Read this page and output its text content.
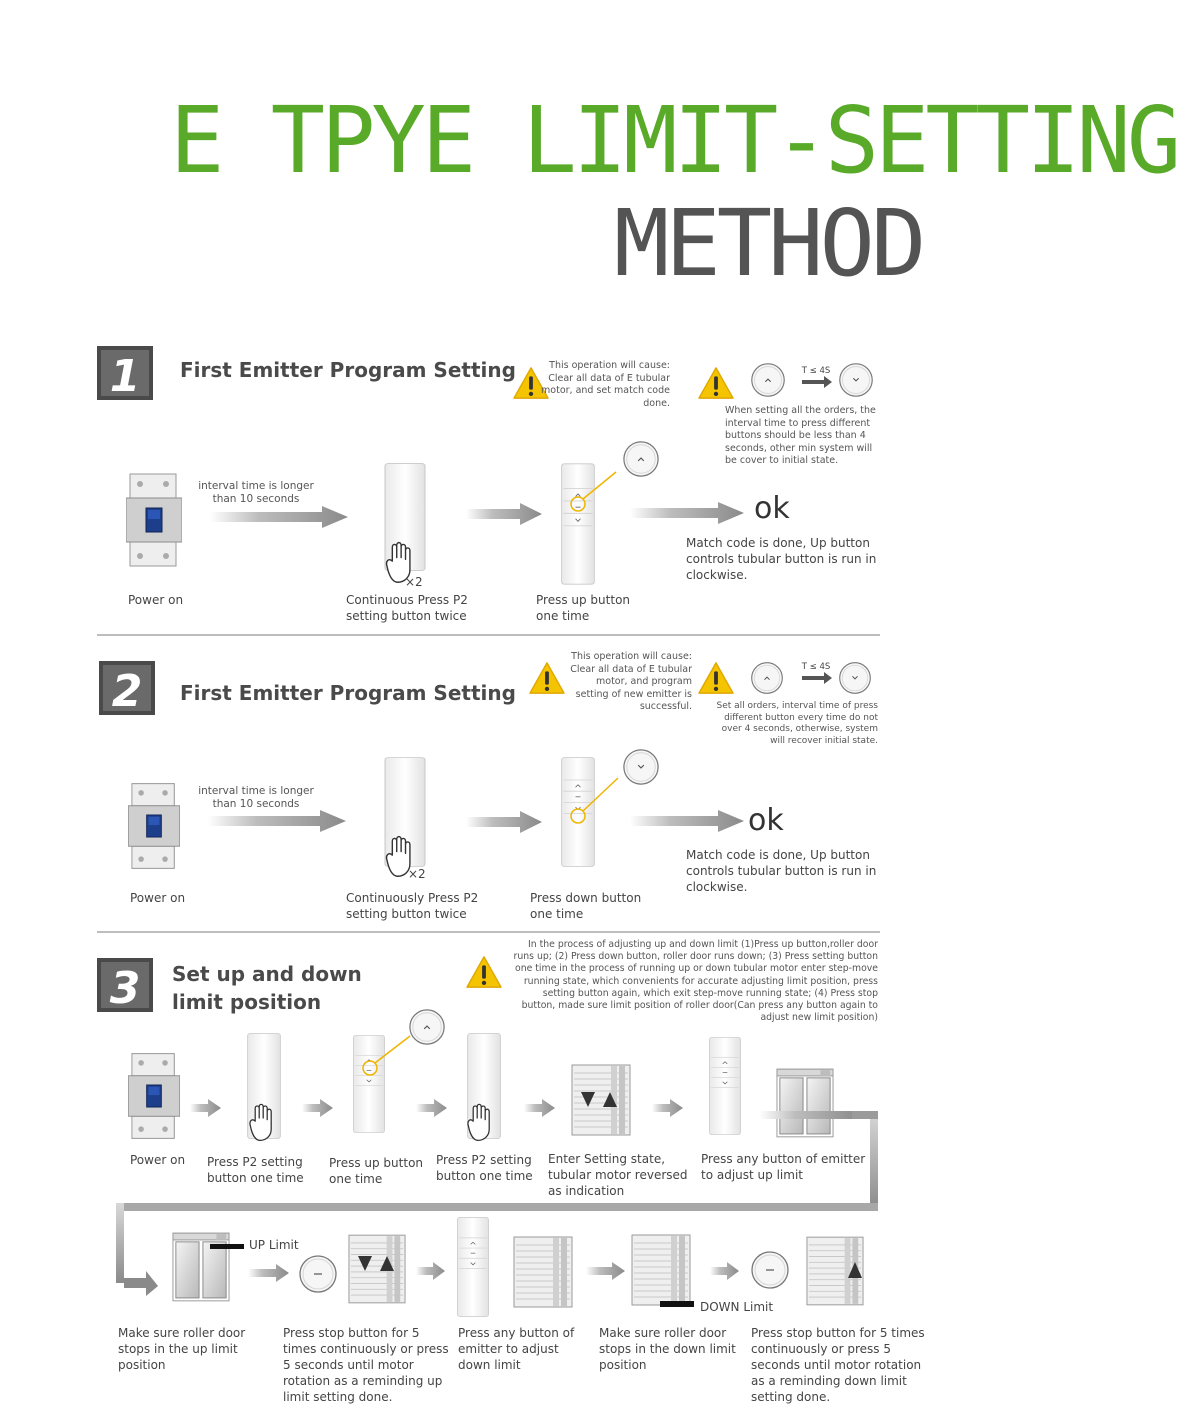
E TPYE LIMIT-SETTING
METHOD
1 First Emitter Program Setting	This operation will cause: Clear all data of E tubular motor, and set match code done.
T ≤ 4S
When setting all the orders, the interval time to press different buttons should be less than 4 seconds, other min system will be cover to initial state.
interval time is longer than 10 seconds
×2
ok
Match code is done, Up button controls tubular button is run in clockwise.
Power on	Continuous Press P2 setting button twice
Press up button one time
2 First Emitter Program Setting
This operation will cause: Clear all data of E tubular motor, and program setting of new emitter is successful.
T ≤ 4S
Set all orders, interval time of press different button every time do not over 4 seconds, otherwise, system will recover initial state.
interval time is longer than 10 seconds
×2
ok
Match code is done, Up button controls tubular button is run in clockwise.
Power on	Continuously Press P2 setting button twice
Press down button one time
3 Set up and down
limit position
In the process of adjusting up and down limit (1)Press up button,roller door runs up; (2) Press down button, roller door runs down; (3) Press setting button one time in the process of running up or down tubular motor enter step-move running state, which convenients for accurate adjusting limit position, press setting button again, which exit step-move running state; (4) Press stop button, made sure limit position of roller door(Can press any button again to adjust new limit position)
Power on Press P2 setting button one time
Press up button one time
Press P2 setting button one time
Enter Setting state, tubular motor reversed as indication
Press any button of emitter to adjust up limit
UP Limit
DOWN Limit
Make sure roller door stops in the up limit position
Press stop button for 5 times continuously or press 5 seconds until motor rotation as a reminding up limit setting done.
Press any button of emitter to adjust down limit
Make sure roller door stops in the down limit position
Press stop button for 5 times continuously or press 5 seconds until motor rotation as a reminding down limit setting done.
